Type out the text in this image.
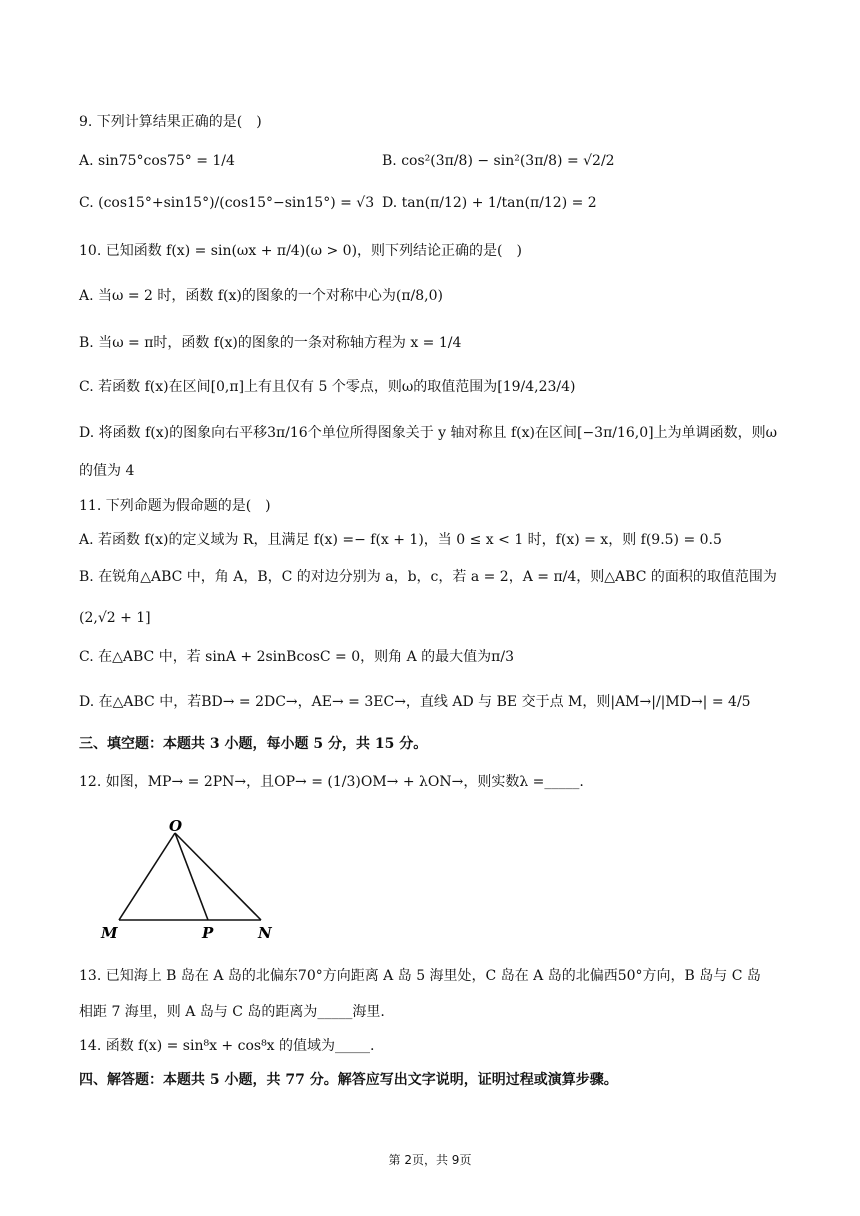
9. 下列计算结果正确的是(　)
A. sin75°cos75° = 1/4	B. cos²(3π/8) − sin²(3π/8) = √2/2
C. (cos15°+sin15°)/(cos15°−sin15°) = √3 D. tan(π/12) + 1/tan(π/12) = 2
10. 已知函数 f(x) = sin(ωx + π/4)(ω > 0)，则下列结论正确的是(　)
A. 当ω = 2 时，函数 f(x)的图象的一个对称中心为(π/8,0)
B. 当ω = π时，函数 f(x)的图象的一条对称轴方程为 x = 1/4
C. 若函数 f(x)在区间[0,π]上有且仅有 5 个零点，则ω的取值范围为[19/4,23/4)
D. 将函数 f(x)的图象向右平移3π/16个单位所得图象关于 y 轴对称且 f(x)在区间[−3π/16,0]上为单调函数，则ω
的值为 4
11. 下列命题为假命题的是(　)
A. 若函数 f(x)的定义域为 R，且满足 f(x) =− f(x + 1)，当 0 ≤ x < 1 时，f(x) = x，则 f(9.5) = 0.5
B. 在锐角△ABC 中，角 A，B，C 的对边分别为 a，b，c，若 a = 2，A = π/4，则△ABC 的面积的取值范围为
(2,√2 + 1]
C. 在△ABC 中，若 sinA + 2sinBcosC = 0，则角 A 的最大值为π/3
D. 在△ABC 中，若BD→ = 2DC→，AE→ = 3EC→，直线 AD 与 BE 交于点 M，则|AM→|/|MD→| = 4/5
三、填空题：本题共 3 小题，每小题 5 分，共 15 分。
12. 如图，MP→ = 2PN→，且OP→ = (1/3)OM→ + λON→，则实数λ =_____.
O
M	P	N
13. 已知海上 B 岛在 A 岛的北偏东70°方向距离 A 岛 5 海里处，C 岛在 A 岛的北偏西50°方向，B 岛与 C 岛
相距 7 海里，则 A 岛与 C 岛的距离为_____海里.
14. 函数 f(x) = sin⁸x + cos⁸x 的值域为_____.
四、解答题：本题共 5 小题，共 77 分。解答应写出文字说明，证明过程或演算步骤。
第 2页，共 9页
